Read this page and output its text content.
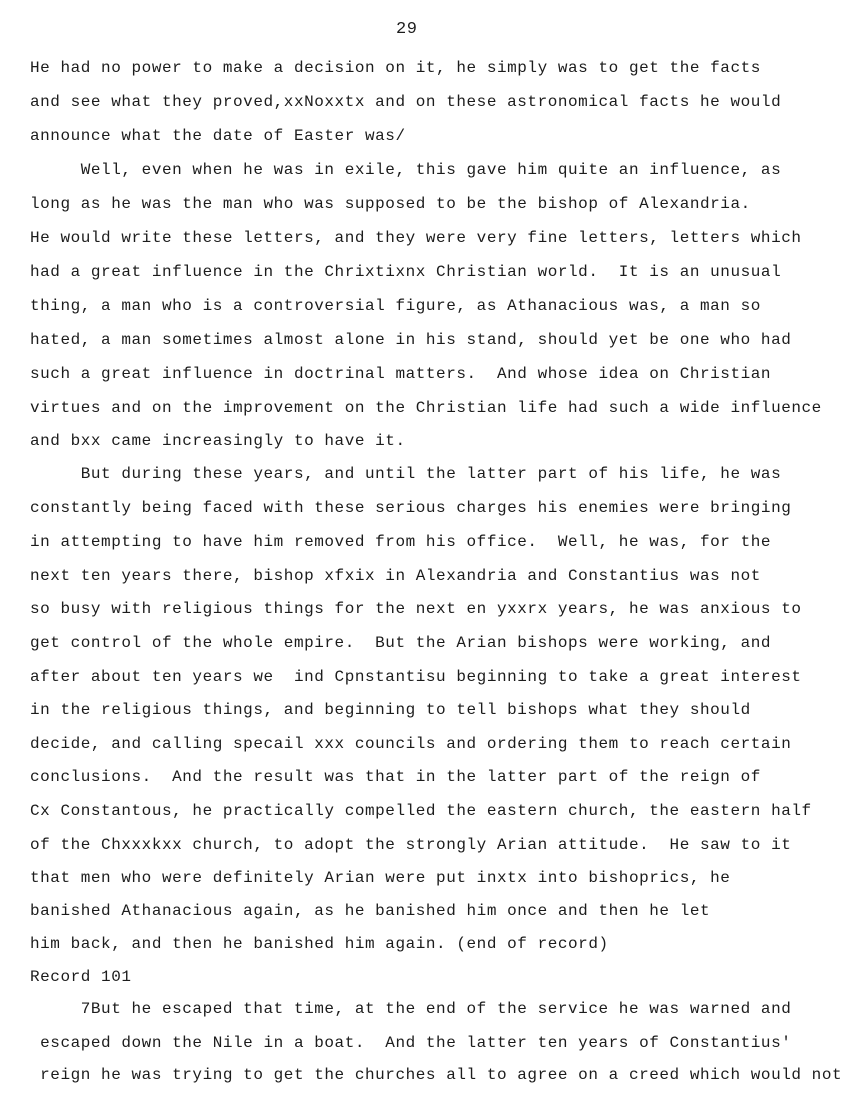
29
He had no power to make a decision on it, he simply was to get the facts
and see what they proved,xxNoxxtx and on these astronomical facts he would
announce what the date of Easter was/
Well, even when he was in exile, this gave him quite an influence, as
long as he was the man who was supposed to be the bishop of Alexandria.
He would write these letters, and they were very fine letters, letters which
had a great influence in the Chrixtixnx Christian world.  It is an unusual
thing, a man who is a controversial figure, as Athanacious was, a man so
hated, a man sometimes almost alone in his stand, should yet be one who had
such a great influence in doctrinal matters.  And whose idea on Christian
virtues and on the improvement on the Christian life had such a wide influence
and bxx came increasingly to have it.
But during these years, and until the latter part of his life, he was
constantly being faced with these serious charges his enemies were bringing
in attempting to have him removed from his office.  Well, he was, for the
next ten years there, bishop xfxix in Alexandria and Constantius was not
so busy with religious things for the next en yxxrx years, he was anxious to
get control of the whole empire.  But the Arian bishops were working, and
after about ten years we  ind Cpnstantisu beginning to take a great interest
in the religious things, and beginning to tell bishops what they should
decide, and calling specail xxx councils and ordering them to reach certain
conclusions.  And the result was that in the latter part of the reign of
Cx Constantous, he practically compelled the eastern church, the eastern half
of the Chxxxkxx church, to adopt the strongly Arian attitude.  He saw to it
that men who were definitely Arian were put inxtx into bishoprics, he
banished Athanacious again, as he banished him once and then he let
him back, and then he banished him again. (end of record)
Record 101
7But he escaped that time, at the end of the service he was warned and
escaped down the Nile in a boat.  And the latter ten years of Constantius'
reign he was trying to get the churches all to agree on a creed which would not
